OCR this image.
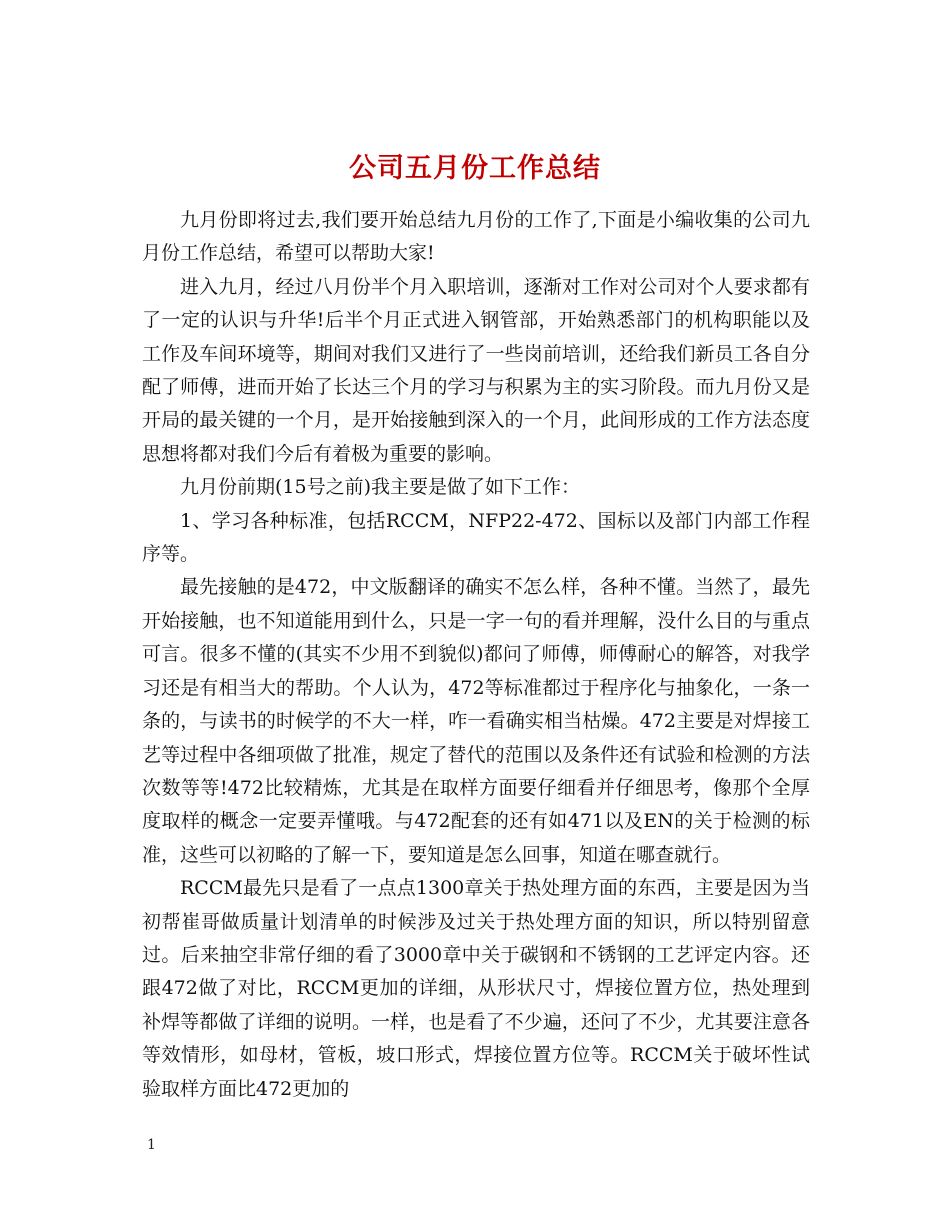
公司五月份工作总结

九月份即将过去,我们要开始总结九月份的工作了,下面是小编收集的公司九月份工作总结，希望可以帮助大家!

进入九月，经过八月份半个月入职培训，逐渐对工作对公司对个人要求都有了一定的认识与升华!后半个月正式进入钢管部，开始熟悉部门的机构职能以及工作及车间环境等，期间对我们又进行了一些岗前培训，还给我们新员工各自分配了师傅，进而开始了长达三个月的学习与积累为主的实习阶段。而九月份又是开局的最关键的一个月，是开始接触到深入的一个月，此间形成的工作方法态度思想将都对我们今后有着极为重要的影响。

九月份前期(15号之前)我主要是做了如下工作：

1、学习各种标准，包括RCCM，NFP22-472、国标以及部门内部工作程序等。

最先接触的是472，中文版翻译的确实不怎么样，各种不懂。当然了，最先开始接触，也不知道能用到什么，只是一字一句的看并理解，没什么目的与重点可言。很多不懂的(其实不少用不到貌似)都问了师傅，师傅耐心的解答，对我学习还是有相当大的帮助。个人认为，472等标准都过于程序化与抽象化，一条一条的，与读书的时候学的不大一样，咋一看确实相当枯燥。472主要是对焊接工艺等过程中各细项做了批准，规定了替代的范围以及条件还有试验和检测的方法次数等等!472比较精炼，尤其是在取样方面要仔细看并仔细思考，像那个全厚度取样的概念一定要弄懂哦。与472配套的还有如471以及EN的关于检测的标准，这些可以初略的了解一下，要知道是怎么回事，知道在哪查就行。

RCCM最先只是看了一点点1300章关于热处理方面的东西，主要是因为当初帮崔哥做质量计划清单的时候涉及过关于热处理方面的知识，所以特别留意过。后来抽空非常仔细的看了3000章中关于碳钢和不锈钢的工艺评定内容。还跟472做了对比，RCCM更加的详细，从形状尺寸，焊接位置方位，热处理到补焊等都做了详细的说明。一样，也是看了不少遍，还问了不少，尤其要注意各等效情形，如母材，管板，坡口形式，焊接位置方位等。RCCM关于破坏性试验取样方面比472更加的

1
